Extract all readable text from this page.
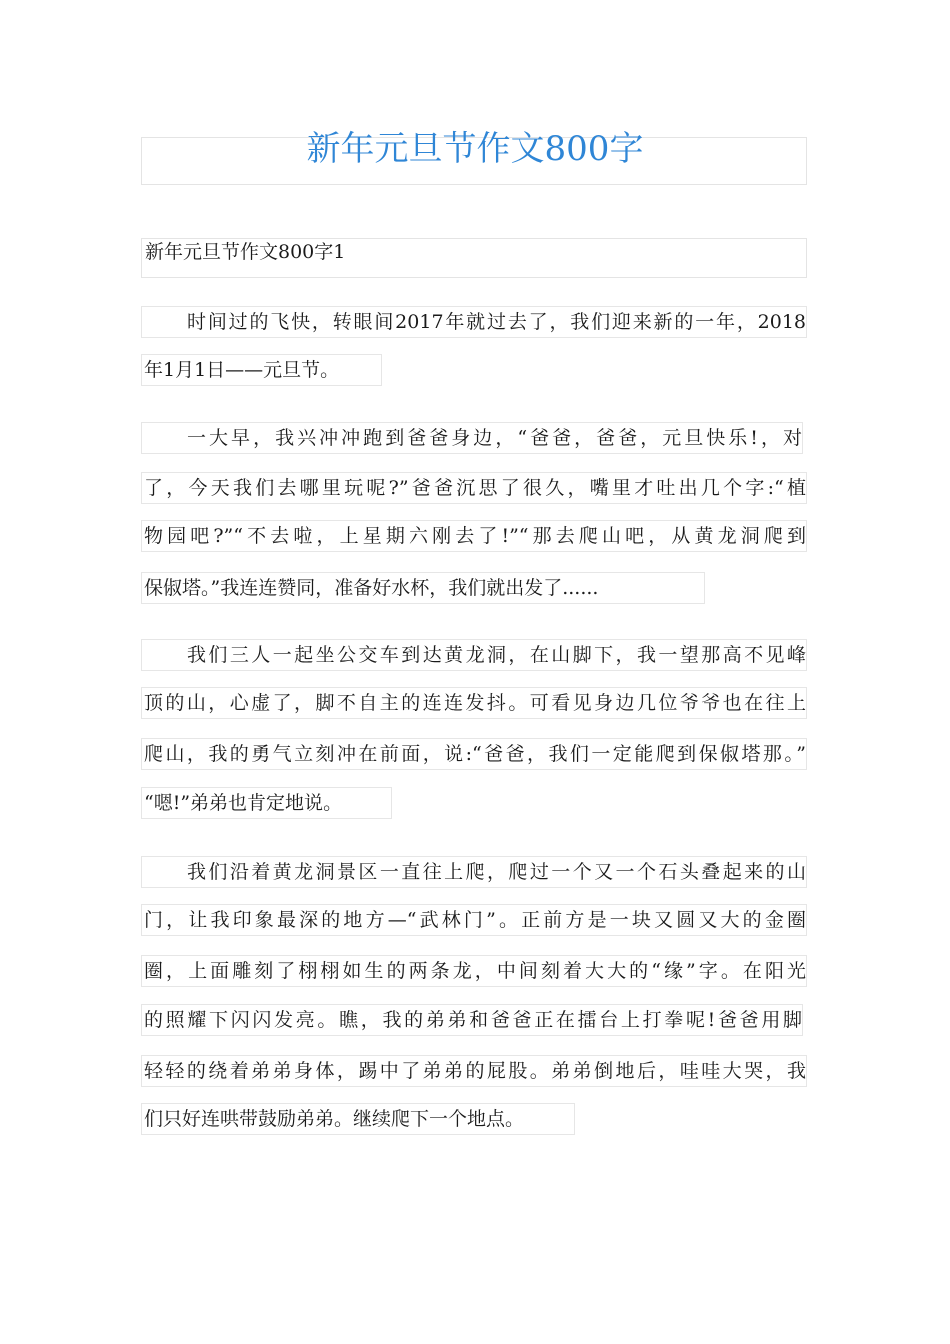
新年元旦节作文800字
新年元旦节作文800字1
时间过的飞快，转眼间2017年就过去了，我们迎来新的一年，2018
年1月1日——元旦节。
一大早，我兴冲冲跑到爸爸身边，“爸爸，爸爸，元旦快乐!，对
了，今天我们去哪里玩呢?”爸爸沉思了很久，嘴里才吐出几个字:“植
物园吧?”“不去啦，上星期六刚去了!”“那去爬山吧，从黄龙洞爬到
保俶塔。”我连连赞同，准备好水杯，我们就出发了......
我们三人一起坐公交车到达黄龙洞，在山脚下，我一望那高不见峰
顶的山，心虚了，脚不自主的连连发抖。可看见身边几位爷爷也在往上
爬山，我的勇气立刻冲在前面，说:“爸爸，我们一定能爬到保俶塔那。”
“嗯!”弟弟也肯定地说。
我们沿着黄龙洞景区一直往上爬，爬过一个又一个石头叠起来的山
门，让我印象最深的地方—“武林门”。正前方是一块又圆又大的金圈
圈，上面雕刻了栩栩如生的两条龙，中间刻着大大的“缘”字。在阳光
的照耀下闪闪发亮。瞧，我的弟弟和爸爸正在擂台上打拳呢!爸爸用脚
轻轻的绕着弟弟身体，踢中了弟弟的屁股。弟弟倒地后，哇哇大哭，我
们只好连哄带鼓励弟弟。继续爬下一个地点。
